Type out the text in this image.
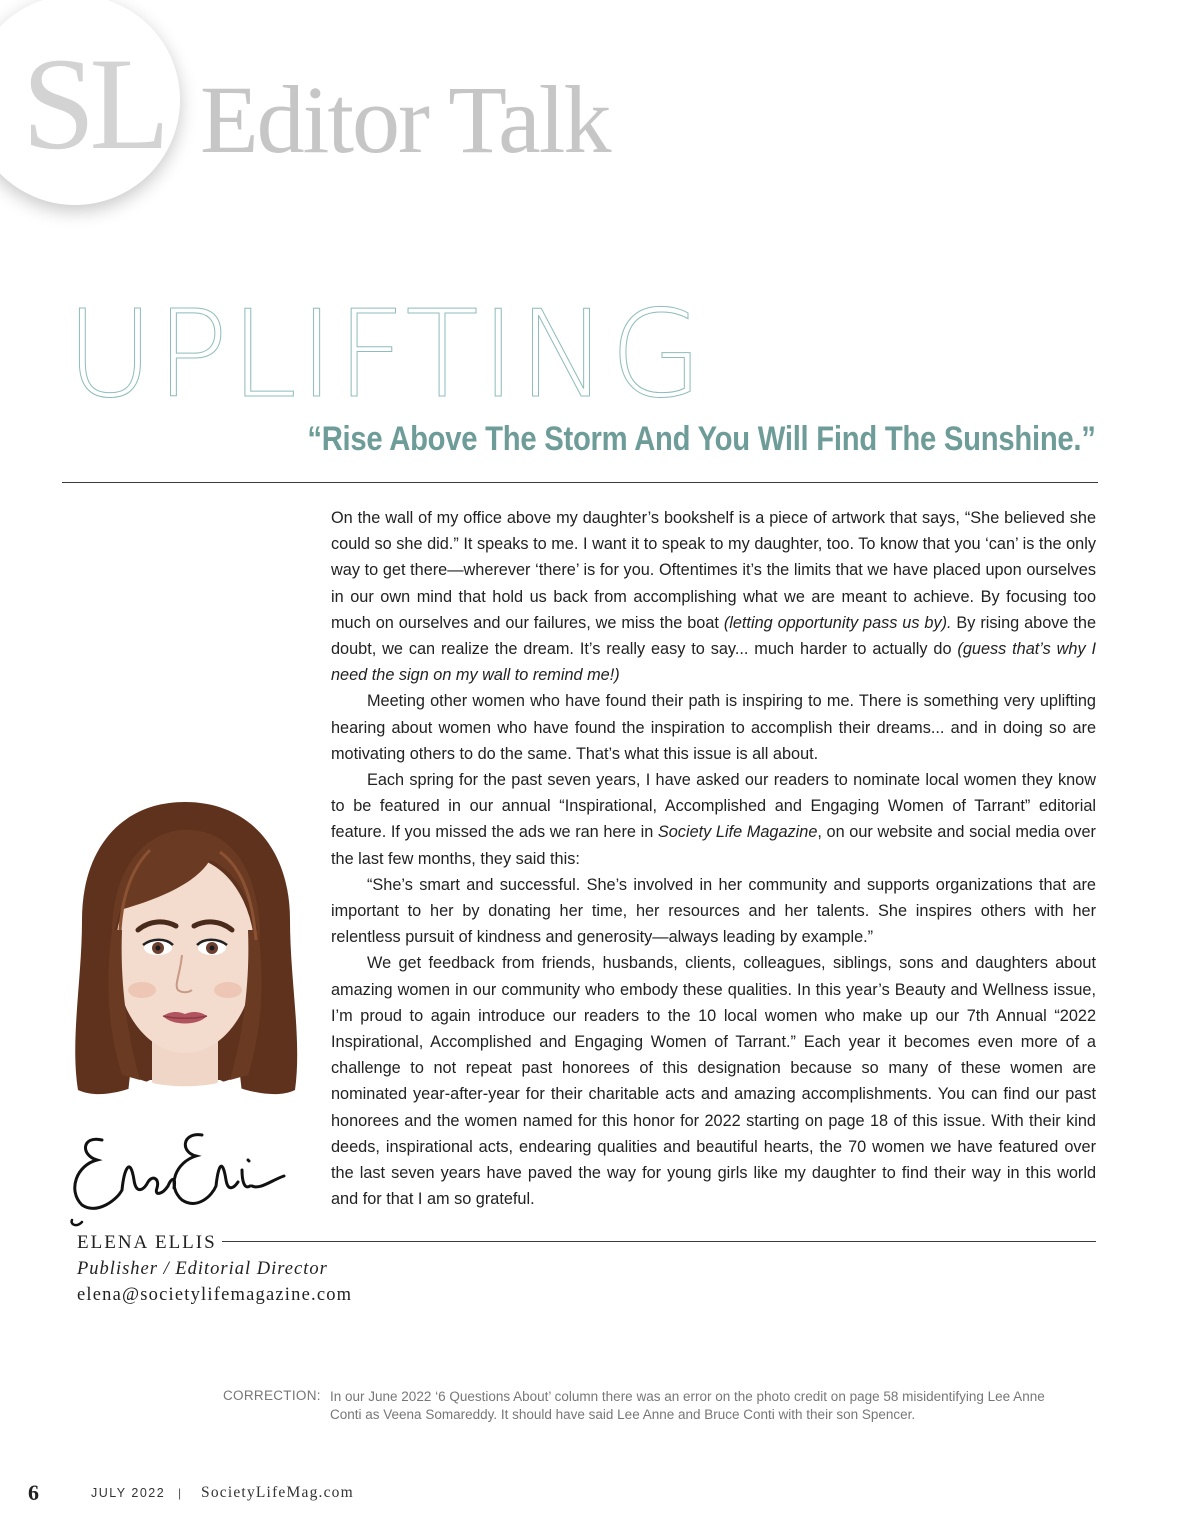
SL Editor Talk
UPLIFTING
“Rise Above The Storm And You Will Find The Sunshine.”

On the wall of my office above my daughter’s bookshelf is a piece of artwork that says, “She believed she could so she did.” It speaks to me. I want it to speak to my daughter, too. To know that you ‘can’ is the only way to get there—wherever ‘there’ is for you. Oftentimes it’s the limits that we have placed upon ourselves in our own mind that hold us back from accomplishing what we are meant to achieve. By focusing too much on ourselves and our failures, we miss the boat (letting opportunity pass us by). By rising above the doubt, we can realize the dream. It’s really easy to say... much harder to actually do (guess that’s why I need the sign on my wall to remind me!)

Meeting other women who have found their path is inspiring to me. There is something very uplifting hearing about women who have found the inspiration to accomplish their dreams... and in doing so are motivating others to do the same. That’s what this issue is all about.

Each spring for the past seven years, I have asked our readers to nominate local women they know to be featured in our annual “Inspirational, Accomplished and Engaging Women of Tarrant” editorial feature. If you missed the ads we ran here in Society Life Magazine, on our website and social media over the last few months, they said this:

“She’s smart and successful. She’s involved in her community and supports organizations that are important to her by donating her time, her resources and her talents. She inspires others with her relentless pursuit of kindness and generosity—always leading by example.”

We get feedback from friends, husbands, clients, colleagues, siblings, sons and daughters about amazing women in our community who embody these qualities. In this year’s Beauty and Wellness issue, I’m proud to again introduce our readers to the 10 local women who make up our 7th Annual “2022 Inspirational, Accomplished and Engaging Women of Tarrant.” Each year it becomes even more of a challenge to not repeat past honorees of this designation because so many of these women are nominated year-after-year for their charitable acts and amazing accomplishments. You can find our past honorees and the women named for this honor for 2022 starting on page 18 of this issue. With their kind deeds, inspirational acts, endearing qualities and beautiful hearts, the 70 women we have featured over the last seven years have paved the way for young girls like my daughter to find their way in this world and for that I am so grateful.

ELENA ELLIS
Publisher / Editorial Director
elena@societylifemagazine.com
CORRECTION: In our June 2022 ‘6 Questions About’ column there was an error on the photo credit on page 58 misidentifying Lee Anne Conti as Veena Somareddy. It should have said Lee Anne and Bruce Conti with their son Spencer.
6	JULY 2022 | SocietyLifeMag.com
